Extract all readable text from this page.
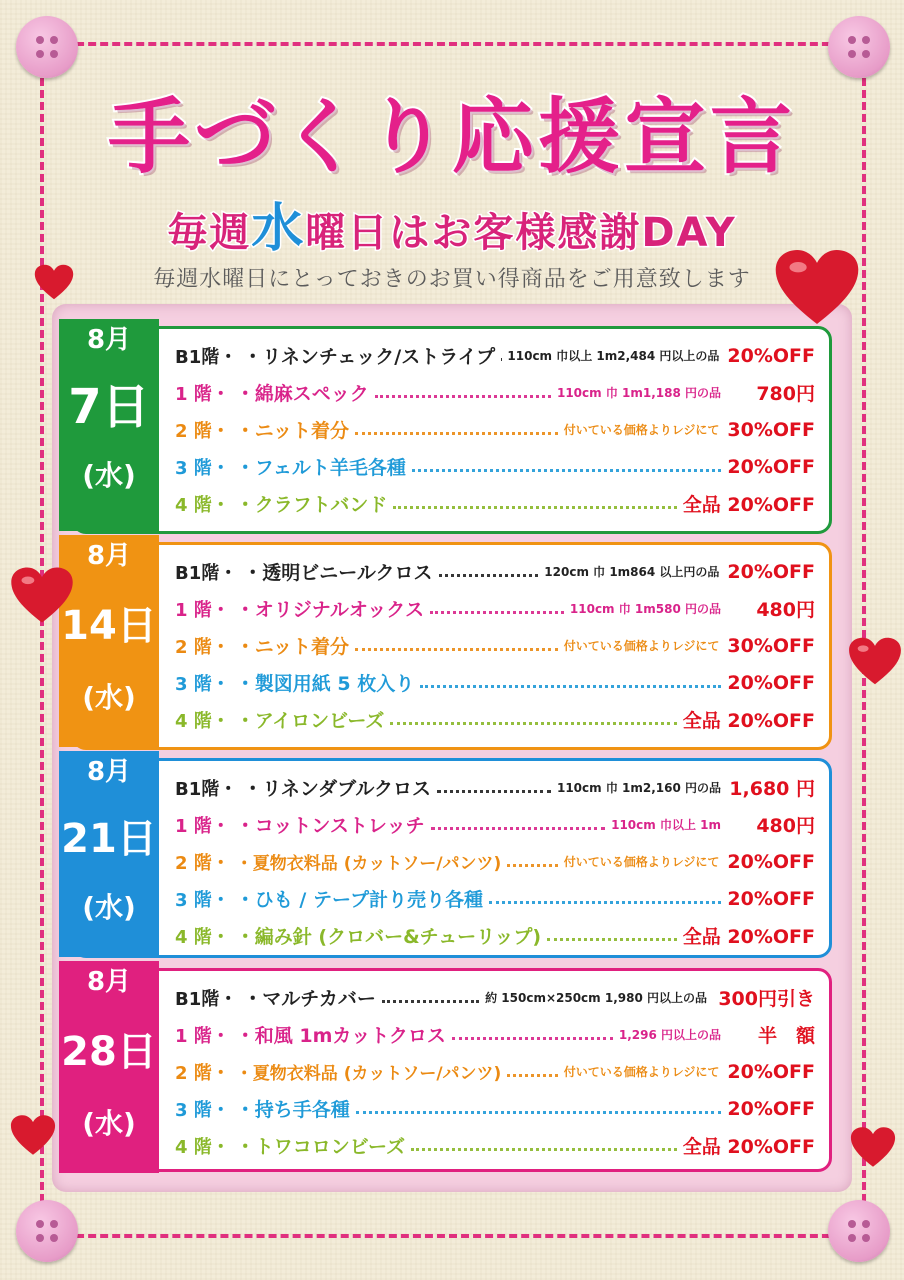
手づくり応援宣言
毎週水曜日はお客様感謝DAY
毎週水曜日にとっておきのお買い得商品をご用意致します
8月
7日
(水)
B1階・ ・リネンチェック/ストライプ 110cm 巾以上 1m2,484 円以上の品 20%OFF
1 階・ ・綿麻スペック	110cm 巾 1m1,188 円の品	780円
2 階・ ・ニット着分	付いている価格よりレジにて 30%OFF
3 階・ ・フェルト羊毛各種	20%OFF
4 階・ ・クラフトバンド	全品 20%OFF
8月
14日
(水)
B1階・ ・透明ビニールクロス	120cm 巾 1m864 以上円の品 20%OFF
1 階・ ・オリジナルオックス	110cm 巾 1m580 円の品	480円
2 階・ ・ニット着分	付いている価格よりレジにて 30%OFF
3 階・ ・製図用紙 5 枚入り	20%OFF
4 階・ ・アイロンビーズ	全品 20%OFF
8月
21日
(水)
B1階・ ・リネンダブルクロス	110cm 巾 1m2,160 円の品 1,680 円
1 階・ ・コットンストレッチ	110cm 巾以上 1m	480円
2 階・ ・夏物衣料品 (カットソー/パンツ)	付いている価格よりレジにて 20%OFF
3 階・ ・ひも / テープ計り売り各種	20%OFF
4 階・ ・編み針 (クロバー&チューリップ)	全品 20%OFF
8月
28日
(水)
B1階・ ・マルチカバー	約 150cm×250cm 1,980 円以上の品 300円引き
1 階・ ・和風 1mカットクロス	1,296 円以上の品	半　額
2 階・ ・夏物衣料品 (カットソー/パンツ)	付いている価格よりレジにて 20%OFF
3 階・ ・持ち手各種	20%OFF
4 階・ ・トワコロンビーズ	全品 20%OFF
